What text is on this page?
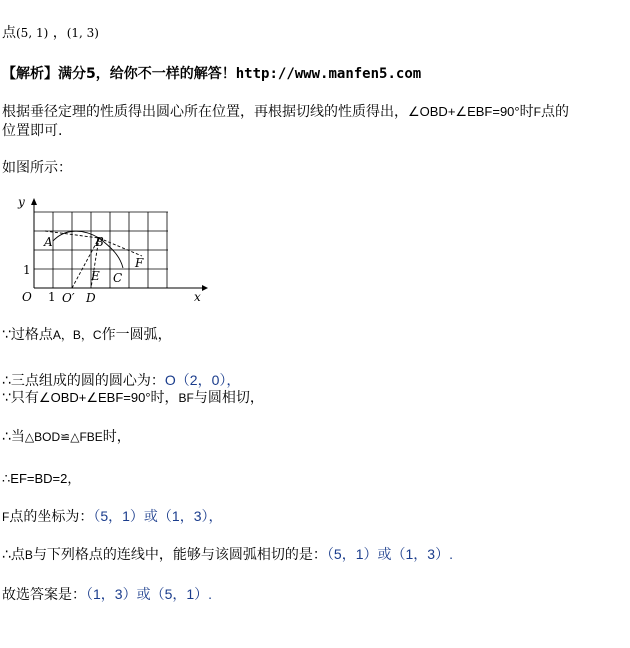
点(5, 1) ，(1, 3)
【解析】满分5，给你不一样的解答！http://www.manfen5.com
根据垂径定理的性质得出圆心所在位置，再根据切线的性质得出，∠OBD+∠EBF=90°时F点的
位置即可.
如图所示：
y
x
O 1 O′ D
1
A	B
E C
F
∵过格点A，B，C作一圆弧，
∴三点组成的圆的圆心为：O（2，0），
∵只有∠OBD+∠EBF=90°时，BF与圆相切，
∴当△BOD≌△FBE时，
∴EF=BD=2，
F点的坐标为：（5，1）或（1，3），
∴点B与下列格点的连线中，能够与该圆弧相切的是：（5，1）或（1，3）.
故选答案是：（1，3）或（5，1）.
